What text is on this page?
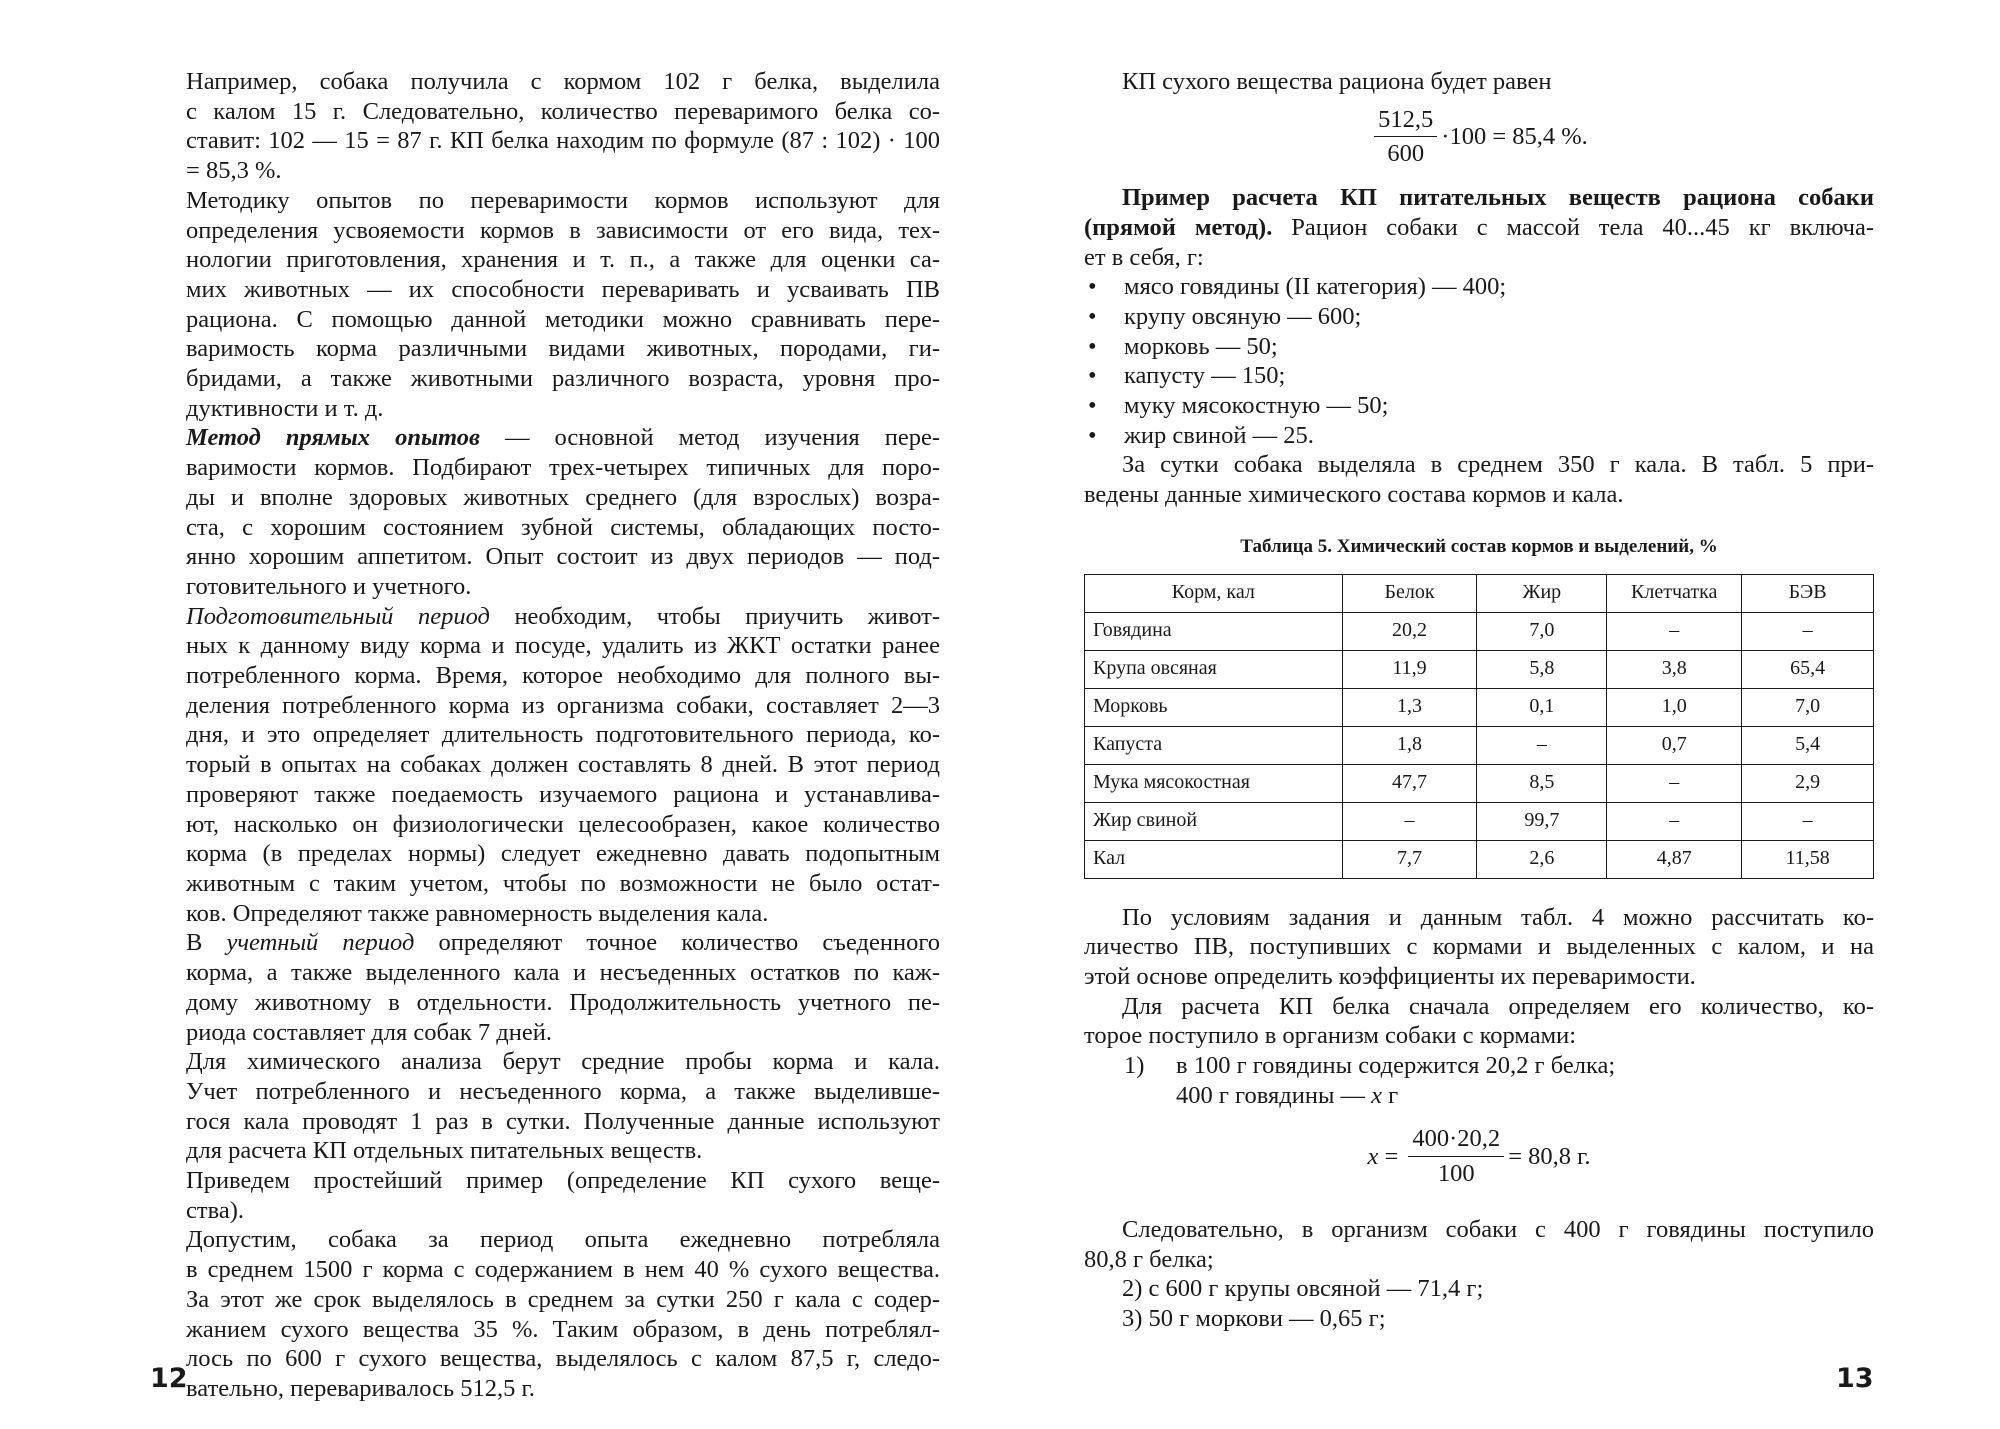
Например, собака получила с кормом 102 г белка, выделила
с калом 15 г. Следовательно, количество переваримого белка со-
ставит: 102 — 15 = 87 г. КП белка находим по формуле (87 : 102) · 100
= 85,3 %.

Методику опытов по переваримости кормов используют для
определения усвояемости кормов в зависимости от его вида, тех-
нологии приготовления, хранения и т. п., а также для оценки са-
мих животных — их способности переваривать и усваивать ПВ
рациона. С помощью данной методики можно сравнивать пере-
варимость корма различными видами животных, породами, ги-
бридами, а также животными различного возраста, уровня про-
дуктивности и т. д.

Метод прямых опытов — основной метод изучения пере-
варимости кормов. Подбирают трех-четырех типичных для поро-
ды и вполне здоровых животных среднего (для взрослых) возра-
ста, с хорошим состоянием зубной системы, обладающих посто-
янно хорошим аппетитом. Опыт состоит из двух периодов — под-
готовительного и учетного.

Подготовительный период необходим, чтобы приучить живот-
ных к данному виду корма и посуде, удалить из ЖКТ остатки ранее
потребленного корма. Время, которое необходимо для полного вы-
деления потребленного корма из организма собаки, составляет 2—3
дня, и это определяет длительность подготовительного периода, ко-
торый в опытах на собаках должен составлять 8 дней. В этот период
проверяют также поедаемость изучаемого рациона и устанавлива-
ют, насколько он физиологически целесообразен, какое количество
корма (в пределах нормы) следует ежедневно давать подопытным
животным с таким учетом, чтобы по возможности не было остат-
ков. Определяют также равномерность выделения кала.

В учетный период определяют точное количество съеденного
корма, а также выделенного кала и несъеденных остатков по каж-
дому животному в отдельности. Продолжительность учетного пе-
риода составляет для собак 7 дней.

Для химического анализа берут средние пробы корма и кала.
Учет потребленного и несъеденного корма, а также выделивше-
гося кала проводят 1 раз в сутки. Полученные данные используют
для расчета КП отдельных питательных веществ.

Приведем простейший пример (определение КП сухого веще-
ства).

Допустим, собака за период опыта ежедневно потребляла
в среднем 1500 г корма с содержанием в нем 40 % сухого вещества.
За этот же срок выделялось в среднем за сутки 250 г кала с содер-
жанием сухого вещества 35 %. Таким образом, в день потреблял-
лось по 600 г сухого вещества, выделялось с калом 87,5 г, следо-
вательно, переваривалось 512,5 г.

12

КП сухого вещества рациона будет равен

$\frac{512,5}{600} \cdot 100 = 85,4$ %.

Пример расчета КП питательных веществ рациона собаки
(прямой метод). Рацион собаки с массой тела 40...45 кг включа-
ет в себя, г:

• мясо говядины (II категория) — 400;
• крупу овсяную — 600;
• морковь — 50;
• капусту — 150;
• муку мясокостную — 50;
• жир свиной — 25.

За сутки собака выделяла в среднем 350 г кала. В табл. 5 при-
ведены данные химического состава кормов и кала.

Таблица 5. Химический состав кормов и выделений, %
Корм, кал	Белок	Жир	Клетчатка	БЭВ
Говядина	20,2	7,0	–	–
Крупа овсяная	11,9	5,8	3,8	65,4
Морковь	1,3	0,1	1,0	7,0
Капуста	1,8	–	0,7	5,4
Мука мясокостная	47,7	8,5	–	2,9
Жир свиной	–	99,7	–	–
Кал	7,7	2,6	4,87	11,58

По условиям задания и данным табл. 4 можно рассчитать ко-
личество ПВ, поступивших с кормами и выделенных с калом, и на
этой основе определить коэффициенты их переваримости.

Для расчета КП белка сначала определяем его количество, ко-
торое поступило в организм собаки с кормами:

1) в 100 г говядины содержится 20,2 г белка;
400 г говядины — x г
$x = \frac{400\cdot 20,2}{100} = 80,8$ г.

Следовательно, в организм собаки с 400 г говядины поступило
80,8 г белка;

2) с 600 г крупы овсяной — 71,4 г;
3) 50 г моркови — 0,65 г;

13
